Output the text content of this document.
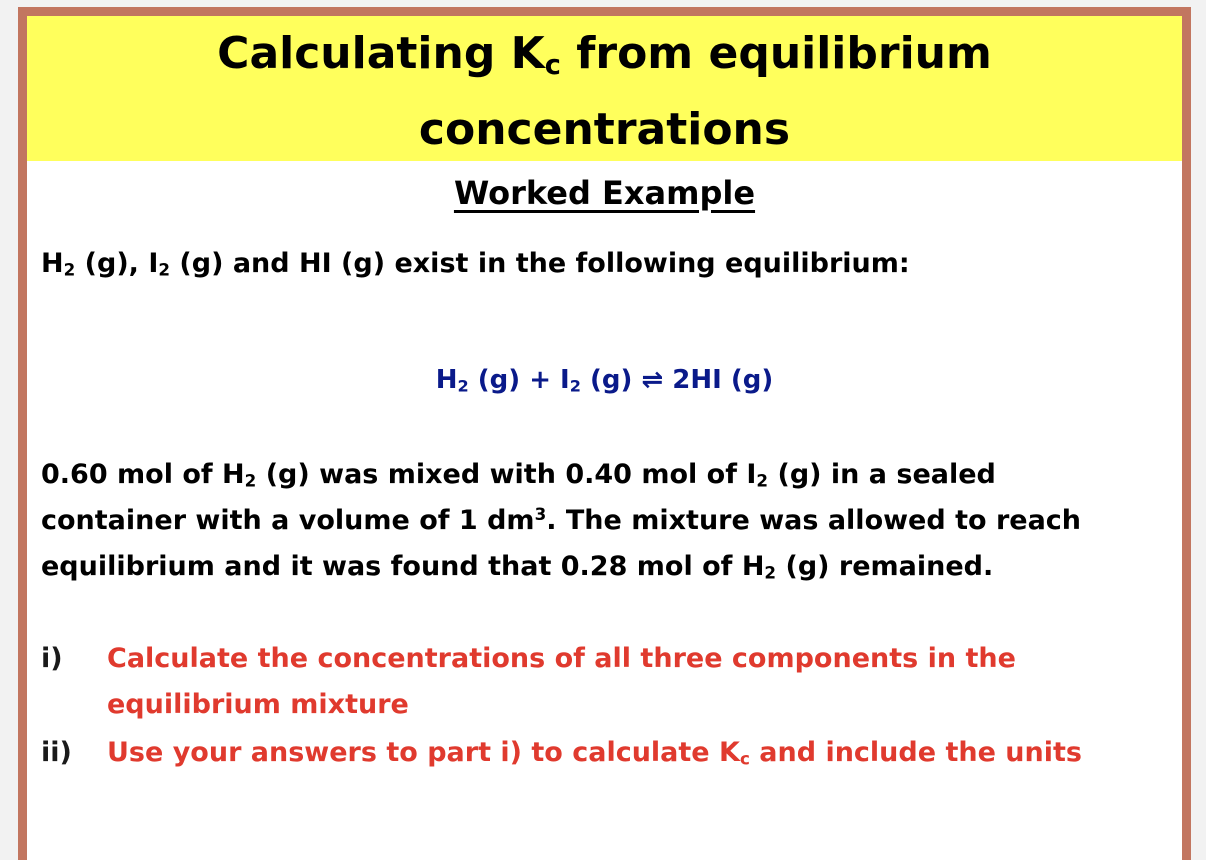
Calculating $K_c$ from equilibrium
concentrations
Worked Example
$H_2$ (g), $I_2$ (g) and HI (g) exist in the following equilibrium:
$H_2$ $(g) + I_2$ (g) ⇌ 2HI (g)
0.60 mol of $H_2$ (g) was mixed with 0.40 mol of $I_2$ (g) in a sealed
container with a volume of 1 $dm^3$. The mixture was allowed to reach
equilibrium and it was found that 0.28 mol of $H_2$ (g) remained.
i) Calculate the concentrations of all three components in the
equilibrium mixture
ii) Use your answers to part i) to calculate $K_c$ and include the units
